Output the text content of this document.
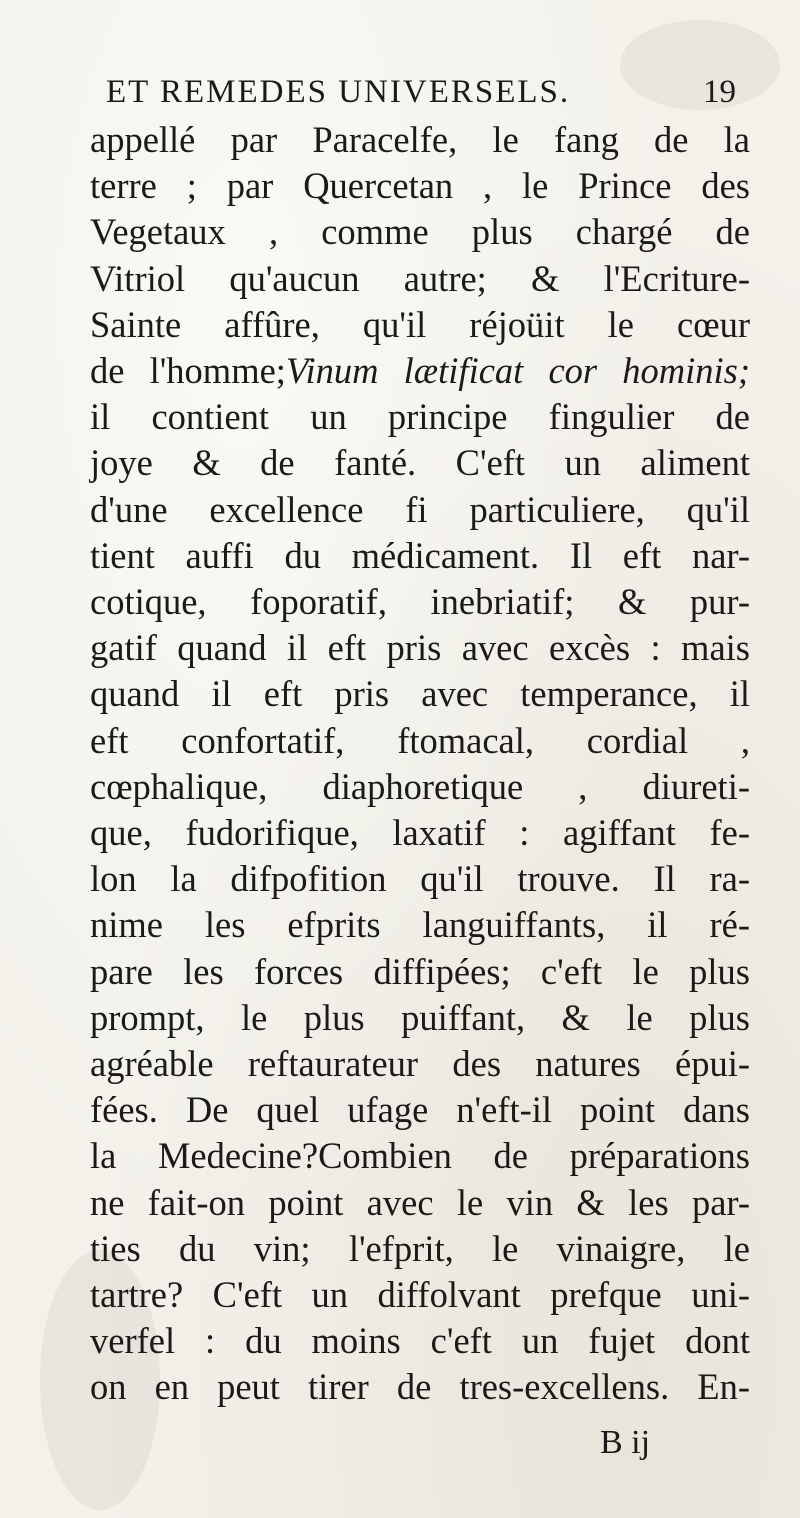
ET REMEDES UNIVERSELS.	19
appellé par Paracelfe, le fang de la
terre ; par Quercetan , le Prince des
Vegetaux , comme plus chargé de
Vitriol qu'aucun autre; & l'Ecriture-
Sainte affûre, qu'il réjoüit le cœur
de l'homme;Vinum lætificat cor hominis;
il contient un principe fingulier de
joye & de fanté. C'eft un aliment
d'une excellence fi particuliere, qu'il
tient auffi du médicament. Il eft nar-
cotique, foporatif, inebriatif; & pur-
gatif quand il eft pris avec excès : mais
quand il eft pris avec temperance, il
eft confortatif, ftomacal, cordial ,
cœphalique, diaphoretique , diureti-
que, fudorifique, laxatif : agiffant fe-
lon la difpofition qu'il trouve. Il ra-
nime les efprits languiffants, il ré-
pare les forces diffipées; c'eft le plus
prompt, le plus puiffant, & le plus
agréable reftaurateur des natures épui-
fées. De quel ufage n'eft-il point dans
la Medecine?Combien de préparations
ne fait-on point avec le vin & les par-
ties du vin; l'efprit, le vinaigre, le
tartre? C'eft un diffolvant prefque uni-
verfel : du moins c'eft un fujet dont
on en peut tirer de tres-excellens. En-
B ij
